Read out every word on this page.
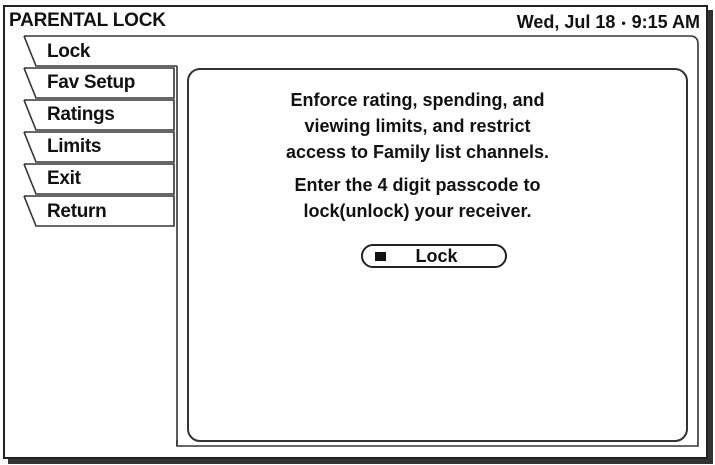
PARENTAL LOCK	Wed, Jul 18 • 9:15 AM
Lock
Fav Setup
Ratings
Limits
Exit
Return
Enforce rating, spending, and
viewing limits, and restrict
access to Family list channels.
Enter the 4 digit passcode to
lock(unlock) your receiver.
Lock
